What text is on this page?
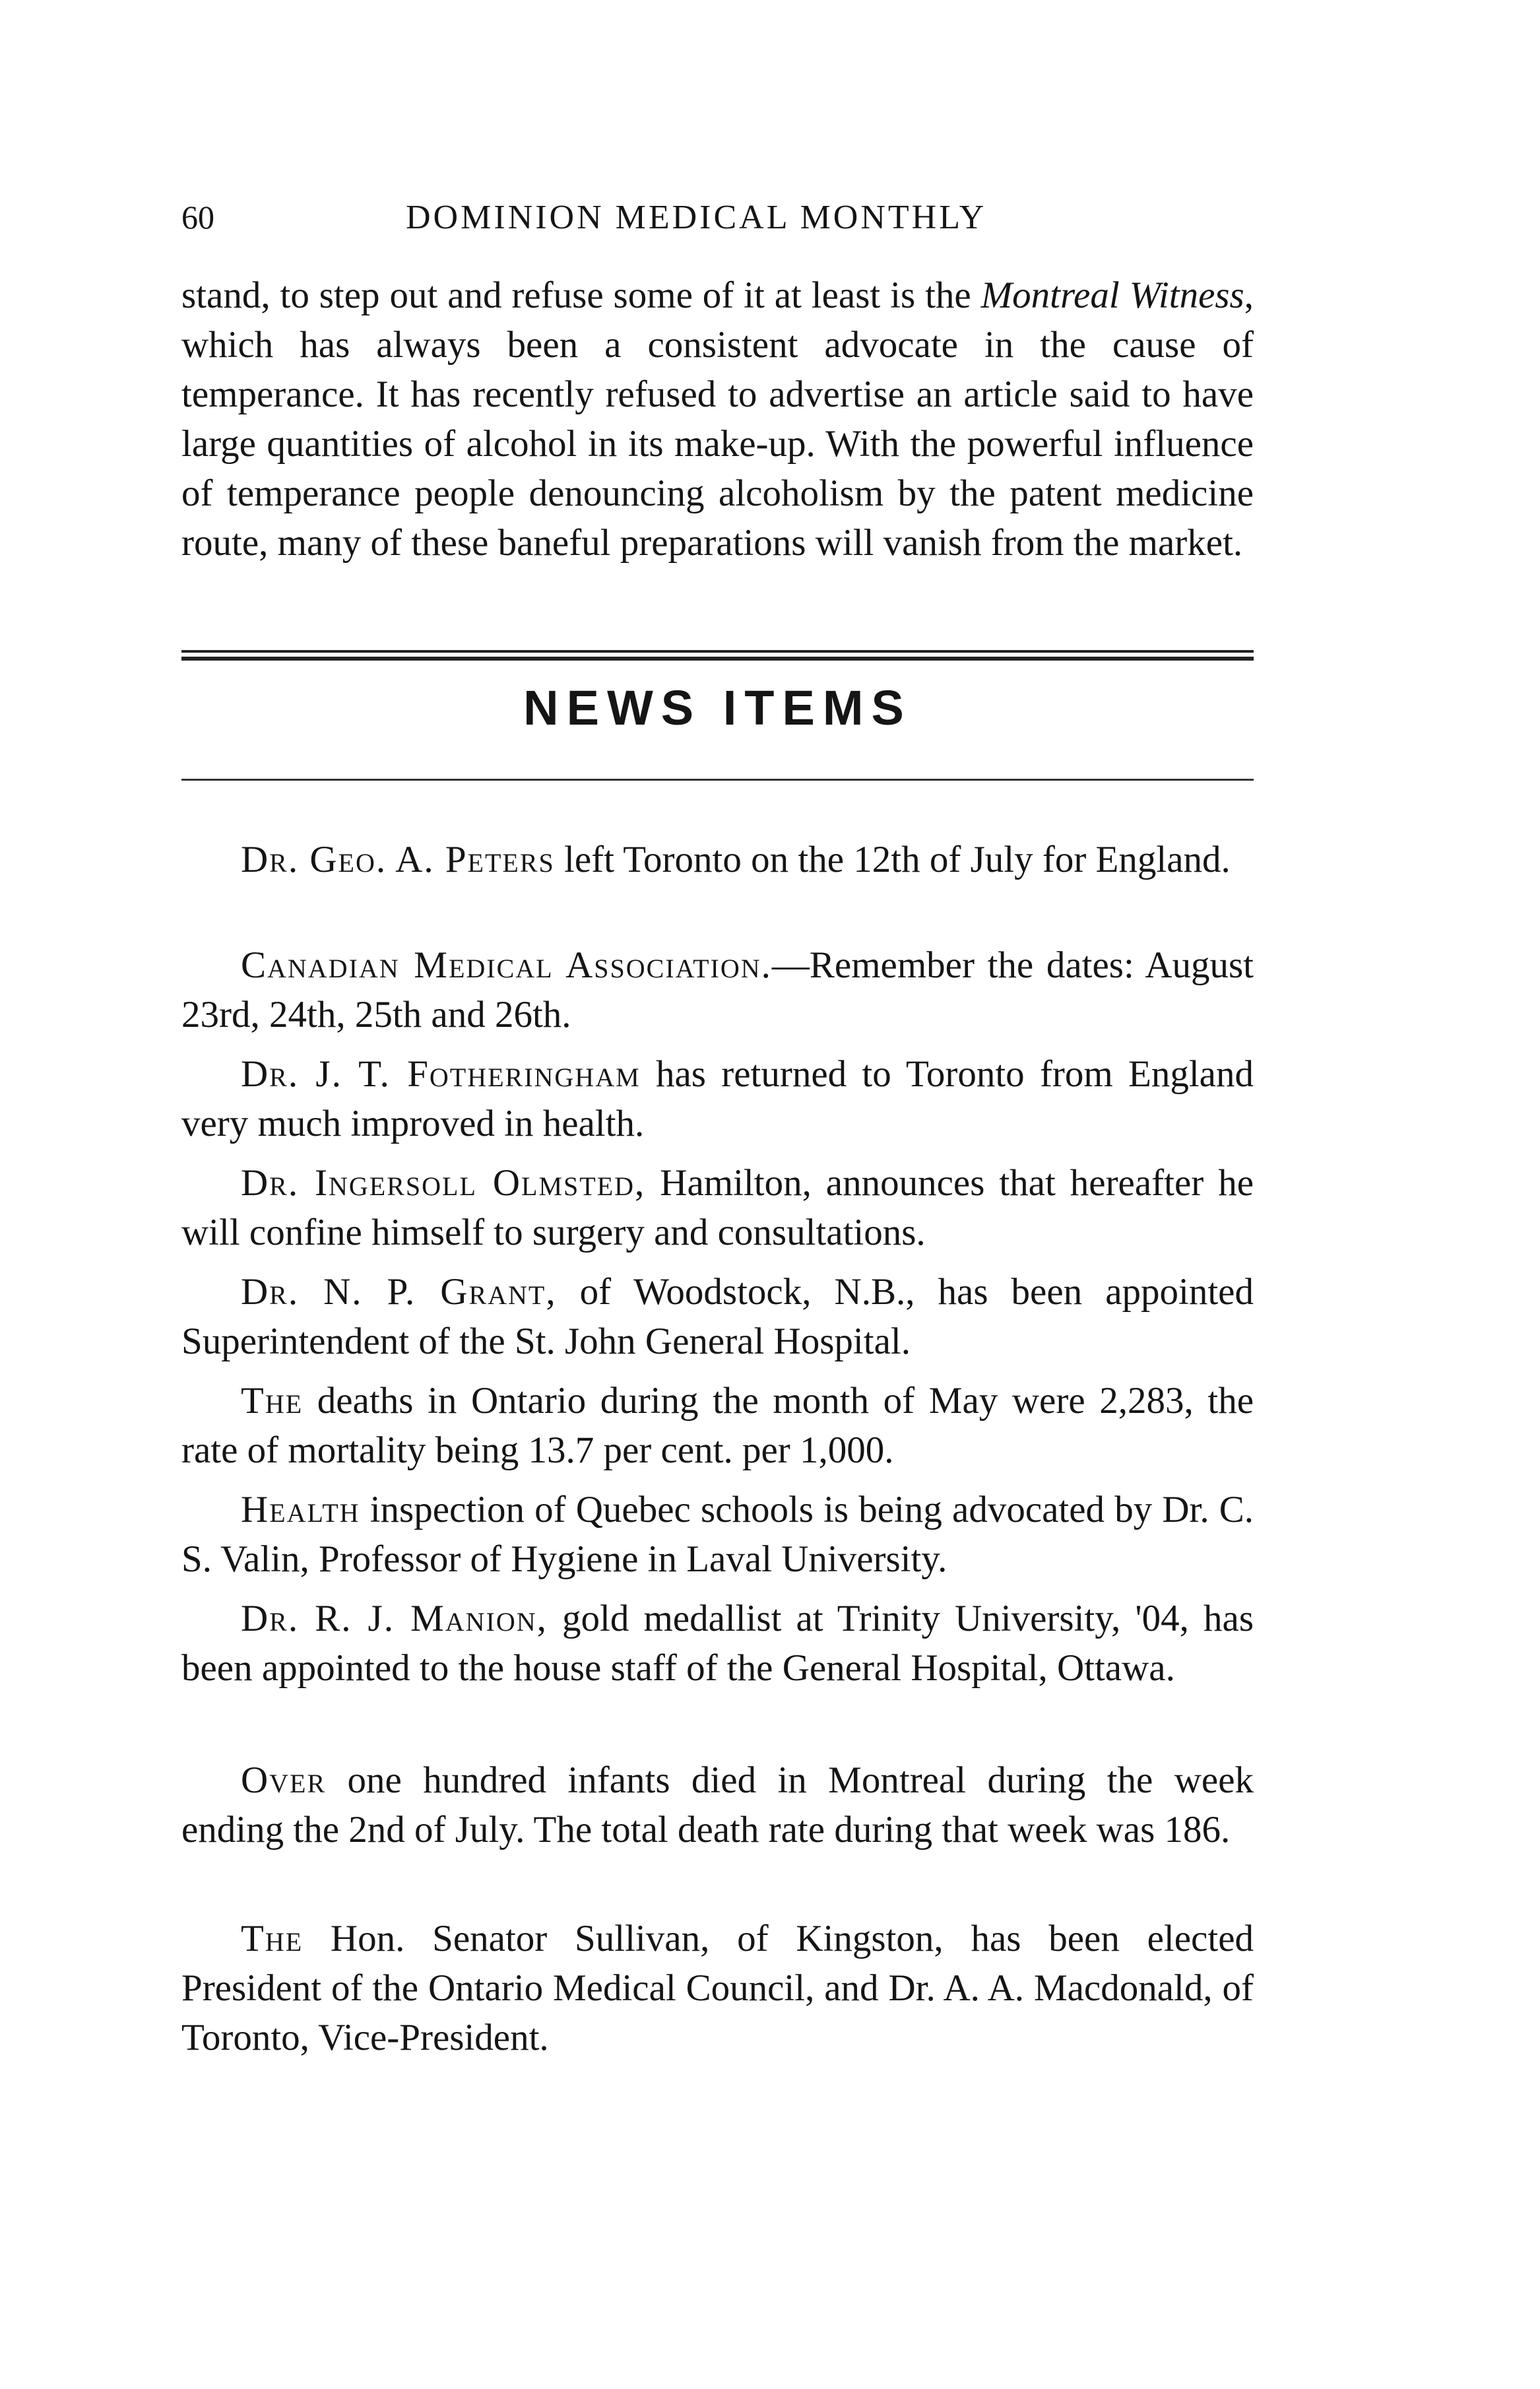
60	DOMINION MEDICAL MONTHLY

stand, to step out and refuse some of it at least is the Montreal Witness, which has always been a consistent advocate in the cause of temperance. It has recently refused to advertise an article said to have large quantities of alcohol in its make-up. With the powerful influence of temperance people denouncing alcoholism by the patent medicine route, many of these baneful preparations will vanish from the market.

NEWS ITEMS

Dr. Geo. A. Peters left Toronto on the 12th of July for England.

Canadian Medical Association.—Remember the dates: August 23rd, 24th, 25th and 26th.

Dr. J. T. Fotheringham has returned to Toronto from England very much improved in health.

Dr. Ingersoll Olmsted, Hamilton, announces that hereafter he will confine himself to surgery and consultations.

Dr. N. P. Grant, of Woodstock, N.B., has been appointed Superintendent of the St. John General Hospital.

The deaths in Ontario during the month of May were 2,283, the rate of mortality being 13.7 per cent. per 1,000.

Health inspection of Quebec schools is being advocated by Dr. C. S. Valin, Professor of Hygiene in Laval University.

Dr. R. J. Manion, gold medallist at Trinity University, '04, has been appointed to the house staff of the General Hospital, Ottawa.

Over one hundred infants died in Montreal during the week ending the 2nd of July. The total death rate during that week was 186.

The Hon. Senator Sullivan, of Kingston, has been elected President of the Ontario Medical Council, and Dr. A. A. Macdonald, of Toronto, Vice-President.
